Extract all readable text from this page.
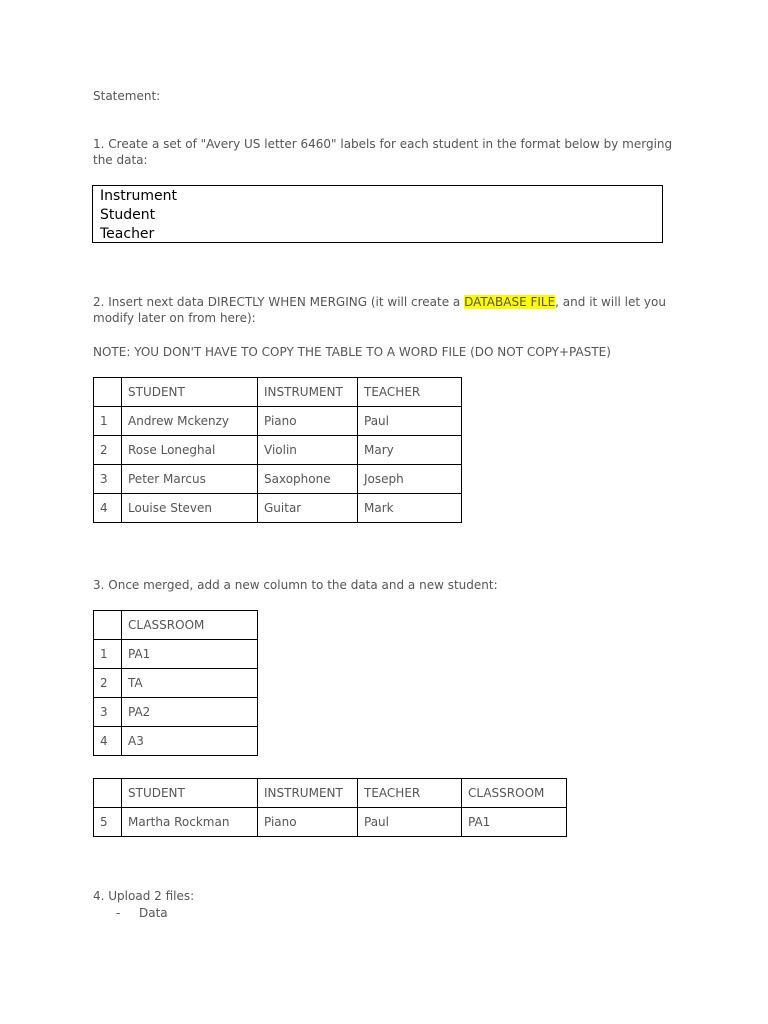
Statement:
1. Create a set of "Avery US letter 6460" labels for each student in the format below by merging the data:
Instrument
Student
Teacher
2. Insert next data DIRECTLY WHEN MERGING (it will create a DATABASE FILE, and it will let you modify later on from here):
NOTE: YOU DON'T HAVE TO COPY THE TABLE TO A WORD FILE (DO NOT COPY+PASTE)
	STUDENT	INSTRUMENT	TEACHER
1	Andrew Mckenzy	Piano	Paul
2	Rose Loneghal	Violin	Mary
3	Peter Marcus	Saxophone	Joseph
4	Louise Steven	Guitar	Mark
3. Once merged, add a new column to the data and a new student:
	CLASSROOM
1	PA1
2	TA
3	PA2
4	A3
	STUDENT	INSTRUMENT	TEACHER	CLASSROOM
5	Martha Rockman	Piano	Paul	PA1
4. Upload 2 files:
- Data
